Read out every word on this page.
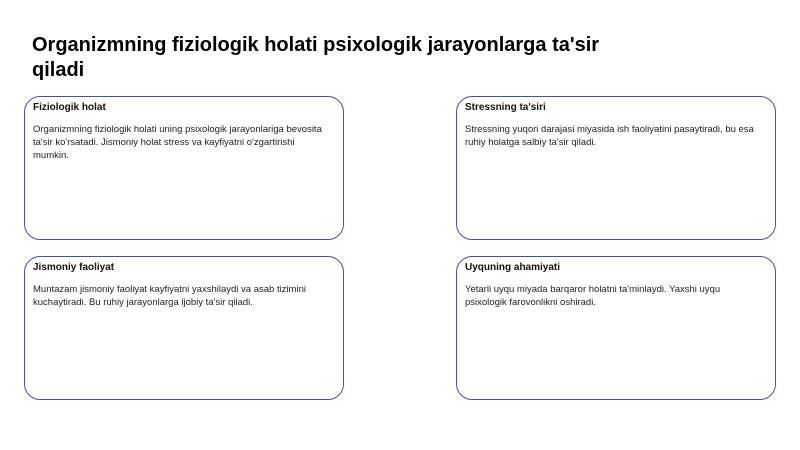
Organizmning fiziologik holati psixologik jarayonlarga ta'sir qiladi

Fiziologik holat

Organizmning fiziologik holati uning psixologik jarayonlariga bevosita ta'sir ko'rsatadi. Jismoniy holat stress va kayfiyatni o'zgartirishi mumkin.

Stressning ta'siri

Stressning yuqori darajasi miyasida ish faoliyatini pasaytiradi, bu esa ruhiy holatga salbiy ta'sir qiladi.

Jismoniy faoliyat

Muntazam jismoniy faoliyat kayfiyatni yaxshilaydi va asab tizimini kuchaytiradi. Bu ruhiy jarayonlarga ijobiy ta'sir qiladi.

Uyquning ahamiyati

Yetarli uyqu miyada barqaror holatni ta'minlaydi. Yaxshi uyqu psixologik farovonlikni oshiradi.
